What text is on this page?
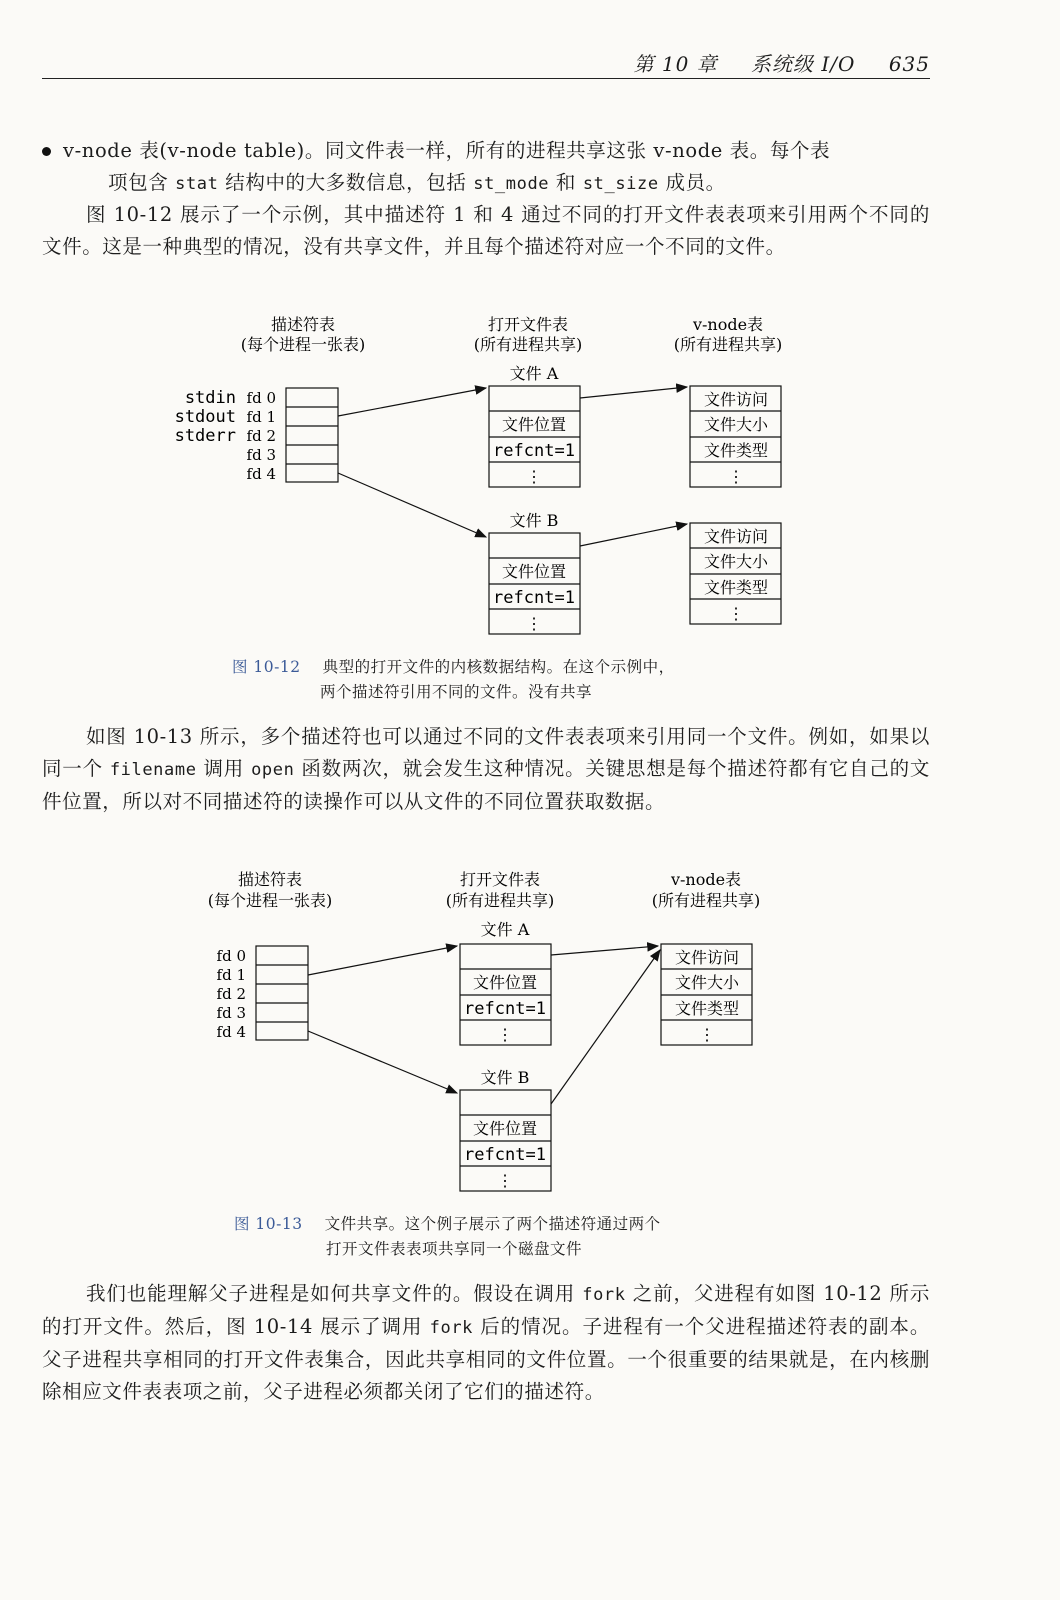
第 10 章 系统级 I/O 635
v-node 表(v-node table)。同文件表一样，所有的进程共享这张 v-node 表。每个表
项包含 stat 结构中的大多数信息，包括 st_mode 和 st_size 成员。
图 10-12 展示了一个示例，其中描述符 1 和 4 通过不同的打开文件表表项来引用两个不同的文件。这是一种典型的情况，没有共享文件，并且每个描述符对应一个不同的文件。
描述符表
(每个进程一张表)
打开文件表
(所有进程共享)
v-node表
(所有进程共享)
stdin
stdout
stderr
fd 0
fd 1
fd 2
fd 3
fd 4
文件 A
文件位置
refcnt=1
⋮
文件 B
文件位置
refcnt=1
⋮
文件访问
文件大小
文件类型
⋮
文件访问
文件大小
文件类型
⋮
图 10-12 典型的打开文件的内核数据结构。在这个示例中，
两个描述符引用不同的文件。没有共享
如图 10-13 所示，多个描述符也可以通过不同的文件表表项来引用同一个文件。例如，如果以同一个 filename 调用 open 函数两次，就会发生这种情况。关键思想是每个描述符都有它自己的文件位置，所以对不同描述符的读操作可以从文件的不同位置获取数据。
描述符表
(每个进程一张表)
打开文件表
(所有进程共享)
v-node表
(所有进程共享)
fd 0
fd 1
fd 2
fd 3
fd 4
文件 A
文件位置
refcnt=1
⋮
文件 B
文件位置
refcnt=1
⋮
文件访问
文件大小
文件类型
⋮
图 10-13 文件共享。这个例子展示了两个描述符通过两个
打开文件表表项共享同一个磁盘文件
我们也能理解父子进程是如何共享文件的。假设在调用 fork 之前，父进程有如图 10-12 所示的打开文件。然后，图 10-14 展示了调用 fork 后的情况。子进程有一个父进程描述符表的副本。父子进程共享相同的打开文件表集合，因此共享相同的文件位置。一个很重要的结果就是，在内核删除相应文件表表项之前，父子进程必须都关闭了它们的描述符。
